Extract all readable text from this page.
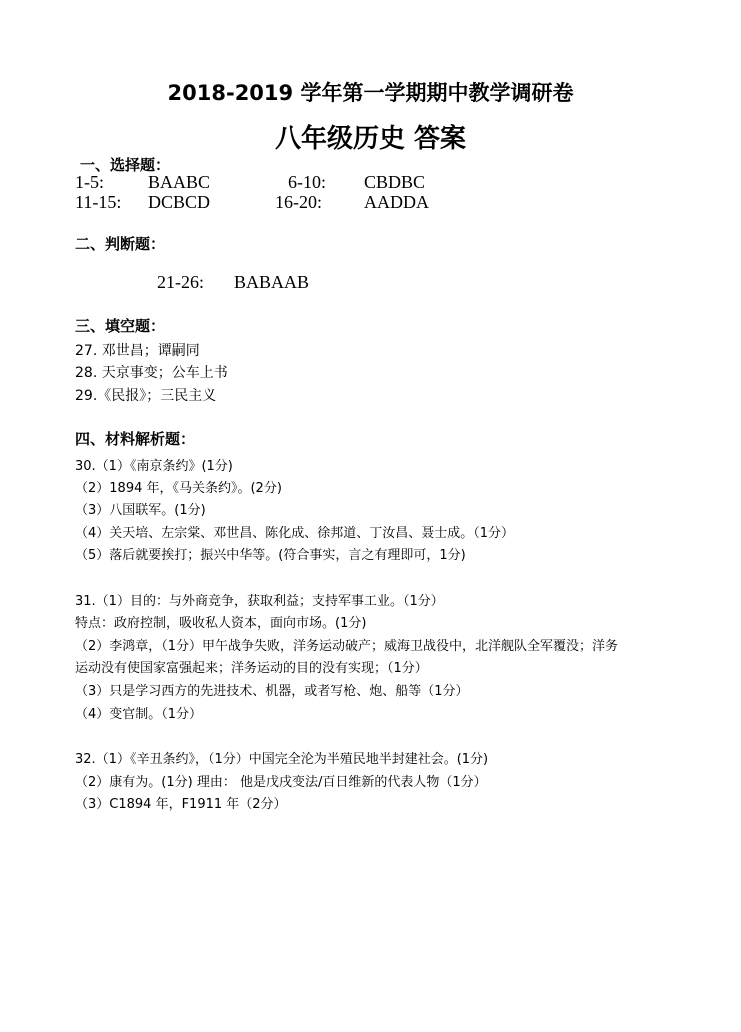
2018-2019 学年第一学期期中教学调研卷
八年级历史 答案
一、选择题：
1-5: BAABC	6-10: CBDBC
11-15: DCBCD	16-20: AADDA
二、判断题：
21-26: BABAAB
三、填空题：
27. 邓世昌；谭嗣同
28. 天京事变；公车上书
29.《民报》；三民主义
四、材料解析题：
30.（1）《南京条约》(1分)
（2）1894 年，《马关条约》。(2分)
（3）八国联军。(1分)
（4）关天培、左宗棠、邓世昌、陈化成、徐邦道、丁汝昌、聂士成。（1分）
（5）落后就要挨打；振兴中华等。(符合事实，言之有理即可，1分)
31.（1）目的：与外商竞争，获取利益；支持军事工业。（1分）
特点：政府控制，吸收私人资本，面向市场。(1分)
（2）李鸿章，（1分）甲午战争失败，洋务运动破产；威海卫战役中，北洋舰队全军覆没；洋务
运动没有使国家富强起来；洋务运动的目的没有实现；（1分）
（3）只是学习西方的先进技术、机器，或者写枪、炮、船等（1分）
（4）变官制。（1分）
32.（1）《辛丑条约》，（1分）中国完全沦为半殖民地半封建社会。(1分)
（2）康有为。(1分) 理由： 他是戊戌变法/百日维新的代表人物（1分）
（3）C1894 年，F1911 年（2分）
